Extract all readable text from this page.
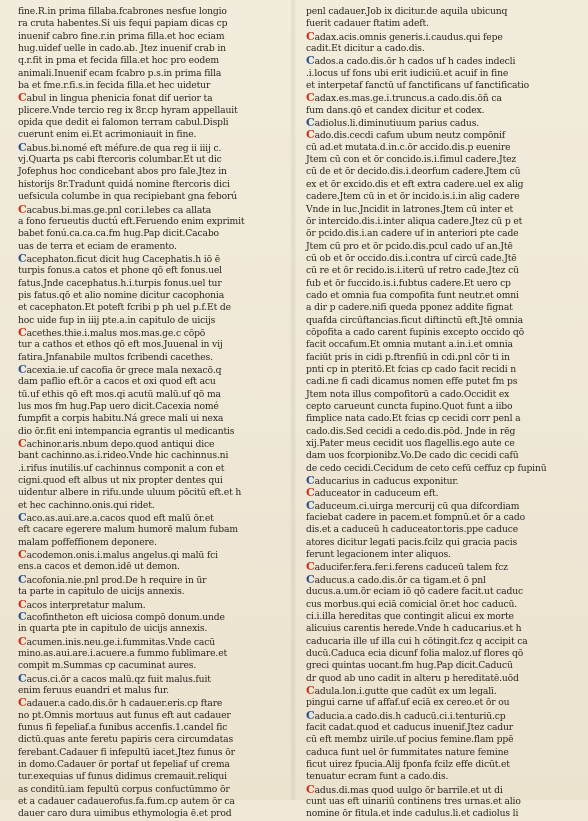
fine.R.in prima fillaba.fcabrones nesfue longio
ra cruta habentes.Si uis fequi papiam dicas cp
inuenif cabro fine.r.in prima filla.et hoc eciam
hug.uidef uelle in cado.ab. Jtez inuenif crab in
q.r.fit in pma et fecida filla.et hoc pro eodem
animali.Inuenif ecam fcabro p.s.in prima filla
ba et fme.r.fi.s.in fecida filla.et hec uidetur
Cabul in lingua phenicia fonat dif uerior ta
plicere.Vnde tercio reg ix 8r.cp hyram appellauit
opida que dedit ei falomon terram cabul.Displi
cuerunt enim ei.Et acrimoniauit in fine.
Cabus.bi.nomé eft méfure.de qua reg ii iiij c.
vj.Quarta ps cabi ftercoris columbar.Et ut dic
Jofephus hoc condicebant abos pro fale.Jtez in
historijs 8r.Tradunt quidá nomine ftercoris dici
uefsicula columbe in qua recipiebant gna feború
Cacabus.bi.mas.ge.pnl cor.i.lebes ca allata
a fono ferueutis ductú eft.Feruendo enim exprimit
babet fonú.ca.ca.ca.fm hug.Pap dicit.Cacabo
uas de terra et eciam de eramento.
Cacephaton.ficut dicit hug Cacephatis.h iō ē
turpis fonus.a catos et phone qō eft fonus.uel
fatus.Jnde cacephatus.h.i.turpis fonus.uel tur
pis fatus.qō et alio nomine dicitur cacophonia
et cacephaton.Et poteft fcribi p ph uel p.f.Et de
hoc uide fup in iiij pte.a.in capitulo de uicijs
Cacethes.thie.i.malus mos.mas.ge.c cōpō
tur a cathos et ethos qō eft mos.Juuenal in vij
fatira.Jnfanabile multos fcribendi cacethes.
Cacexia.ie.uf cacofia ōr grece mala nexacō.q
dam paflio eft.ōr a cacos et oxi quod eft acu
tū.uf ethis qō eft mos.qi acutū malū.uf qō ma
lus mos fm hug.Pap uero dicit.Cacexia nomé
fumpfit a corpis habitu.Ná grece mali ui nexa
dio ōr.fit eni intempancia egrantis ul medicantis
Cachinor.aris.nbum depo.quod antiqui dice
bant cachinno.as.i.rideo.Vnde hic cachinnus.ni
.i.rifus inutilis.uf cachinnus componit a con et
cigni.quod eft albus ut nix propter dentes qui
uidentur albere in rifu.unde uluum pōcitū eft.et h
et hec cachinno.onis.qui ridet.
Caco.as.aui.are.a.cacos quod eft malū ōr.et
eft cacare egerere malum humorē malum fubam
malam poffeffionem deponere.
Cacodemon.onis.i.malus angelus.qi malū fci
ens.a cacos et demon.idē ut demon.
Cacofonia.nie.pnl prod.De h require in ūr
ta parte in capitulo de uicijs annexis.
Cacos interpretatur malum.
Cacofintheton eft uiciosa compō donum.unde
in quarta pte in capitulo de uicijs annexis.
Cacumen.inis.neu.ge.i.fummitas.Vnde cacū
mino.as.aui.are.i.acuere.a fummo fublimare.et
compit m.Summas cp cacuminat aures.
Cacus.ci.ōr a cacos malū.qz fuit malus.fuit
enim feruus euandri et malus fur.
Cadauer.a cado.dis.ōr h cadauer.eris.cp ftare
no pt.Omnis mortuus aut funus eft aut cadauer
funus fi fepeliaf.a funibus accenfis.1.candel fic
dictū.quas ante feretu papiris cera circumdatas
ferebant.Cadauer fi infepultū iacet.Jtez funus ōr
in domo.Cadauer ōr portaf ut fepeliaf uf crema
tur.exequias uf funus didimus cremauit.reliqui
as conditū.iam fepultū corpus confuctūmmo ōr
et a cadauer cadauerofus.fa.fum.cp autem ōr ca
dauer caro dura uimibus ethymologia ē.et prod
penl cadauer.Job ix dicitur.de aquila ubicunq
fuerit cadauer ftatim adeft.
Cadax.acis.omnis generis.i.caudus.qui fepe
cadit.Et dicitur a cado.dis.
Cados.a cado.dis.ōr h cados uf h cades indecli
.i.locus uf fons ubi erit iudiciū.et acuif in fine
et interpetaf fanctū uf fanctificans uf fanctificatio
Cadax.es.mas.ge.i.truncus.a cado.dis.ōñ ca
fum dans.qō et candex dicitur et codex.
Cadiolus.li.diminutiuum parius cadus.
Cado.dis.cecdi cafum ubum neutz compōnif
cū ad.et mutata.d.in.c.ōr accido.dis.p euenire
Jtem cū con et ōr concido.is.i.fimul cadere.Jtez
cū de et ōr decido.dis.i.deorfum cadere.Jtem cū
ex et ōr excido.dis et eft extra cadere.uel ex alig
cadere.Jtem cū in et ōr incido.is.i.in alig cadere
Vnde in luc.Jncidit in latrones.Jtem cū inter et
ōr intercido.dis.i.inter aliqua cadere.Jtez cū p et
ōr pcido.dis.i.an cadere uf in anteriori pte cade
Jtem cū pro et ōr pcido.dis.pcul cado uf an.Jtē
cū ob et ōr occido.dis.i.contra uf circū cade.Jtē
cū re et ōr recido.is.i.iterū uf retro cade.Jtez cū
fub et ōr fuccido.is.i.fubtus cadere.Et uero cp
cado et omnia fua compofita funt neutr.et omni
a dir p cadere.nifi queda pponez addite fignat
quafda circūftancias.ficut diftinctū eft.Jtē omnia
cōpofita a cado carent fupinis excepto occido qō
facit occafum.Et omnia mutant a.in.i.et omnia
faciūt pris in cidi p.ftrenfiū in cdi.pnl cōr ti in
pnti cp in pteritō.Et fcias cp cado facit recidi n
cadi.ne fi cadi dicamus nomen effe putet fm ps
Jtem nota illus compofitorū a cado.Occidit ex
cepto carueunt cuncta fupino.Quot funt a iibo
fimplice nata cado.Et fcias cp cecidi corr penl a
cado.dis.Sed cecidi a cedo.dis.pōd. Jnde in rēg
xij.Pater meus cecidit uos flagellis.ego aute ce
dam uos fcorpionibz.Vo.De cado dic cecidi cafū
de cedo cecidi.Cecidum de ceto cefū ceffuz cp fupinū
Caducarius in caducus exponitur.
Caduceator in caduceum eft.
Caduceum.ci.uirga mercurij cū qua difcordiam
faciebat cadere in pacem.et fompnū.et ōr a cado
dis.et a caduceū h caduceator.toris.ppe caduce
atores dicitur legati pacis.fcilz qui gracia pacis
ferunt legacionem inter aliquos.
Caducifer.fera.fer.i.ferens caduceū talem fcz
Caducus.a cado.dis.ōr ca tigam.et ō pnl
ducus.a.um.ōr eciam iō qō cadere facit.ut caduc
cus morbus.qui eciā comicial ōr.et hoc caducū.
ci.i.illa hereditas que contingit alicui ex morte
alicuius carentis herede.Vnde h caducarius.et h
caducaria ille uf illa cui h cōtingit.fcz q accipit ca
ducū.Caduca ecia dicunf folia maloz.uf flores qō
greci quintas uocant.fm hug.Pap dicit.Caducū
dr quod ab uno cadit in alteru p hereditatē.uōd
Cadula.lon.i.gutte que cadūt ex um legalī.
pingui carne uf affaf.uf eciā ex cereo.et ōr ou
Caducia.a cado.dis.h caducū.ci.i.tenturiū.cp
facit cadat.quod et caducus inuenif.Jtez cadur
cū eft membz uirile.uf pocius femine.flam ppē
caduca funt uel ōr fummitates nature femine
ficut uirez fpucia.Alij fponfa fcilz effe dicūt.et
tenuatur ecram funt a cado.dis.
Cadus.di.mas quod uulgo ōr barrile.et ut di
cunt uas eft uinariū continens tres urnas.et alio
nomine ōr fitula.et inde cadulus.li.et cadiolus li
